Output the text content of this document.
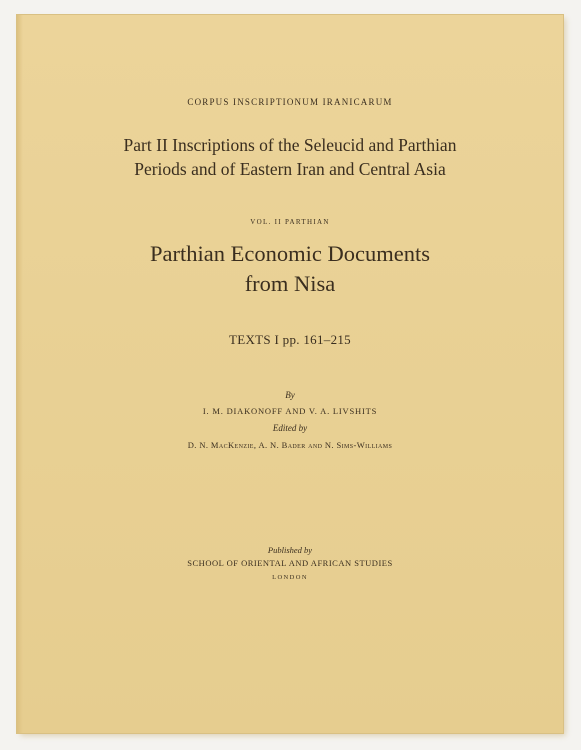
CORPUS INSCRIPTIONUM IRANICARUM
Part II Inscriptions of the Seleucid and Parthian Periods and of Eastern Iran and Central Asia
VOL. II PARTHIAN
Parthian Economic Documents from Nisa
TEXTS I pp. 161–215
By
I. M. DIAKONOFF AND V. A. LIVSHITS
Edited by
D. N. MacKenzie, A. N. Bader and N. Sims-Williams
Published by
SCHOOL OF ORIENTAL AND AFRICAN STUDIES
LONDON
